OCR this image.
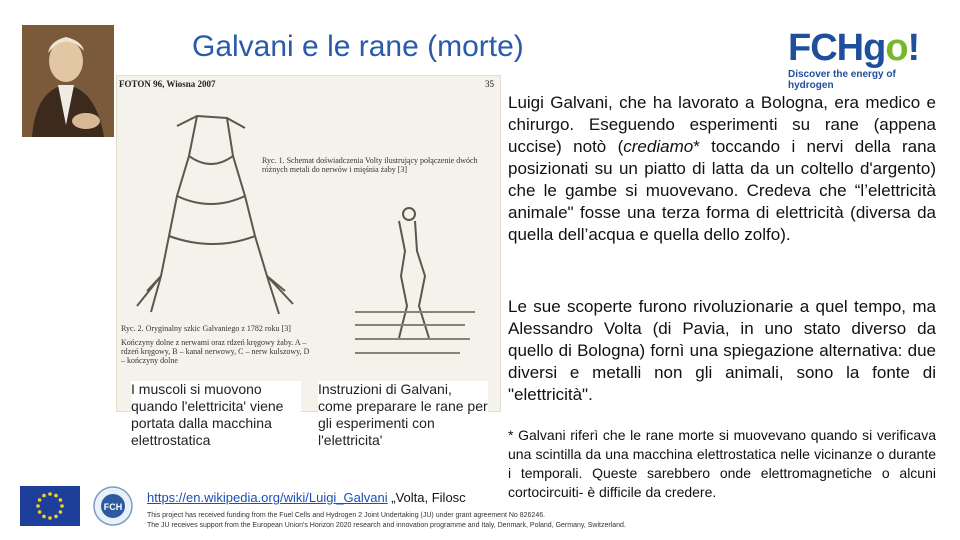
Galvani e le rane (morte)	FCHgo!
Discover the energy of hydrogen
FOTON 96, Wiosna 2007	35
Ryc. 1. Schemat doświadczenia Volty ilustrujący połączenie dwóch różnych metali do nerwów i mięśnia żaby [3]
Ryc. 2. Oryginalny szkic Galvaniego z 1782 roku [3]
Kończyny dolne z nerwami oraz rdzeń kręgowy żaby. A – rdzeń kręgowy, B – kanał nerwowy, C – nerw kulszowy, D – kończyny dolne
I muscoli si muovono quando l'elettricita' viene portata dalla macchina elettrostatica
Instruzioni di Galvani, come preparare le rane per gli esperimenti con l'elettricita'
Luigi Galvani, che ha lavorato a Bologna, era medico e chirurgo. Eseguendo esperimenti su rane (appena uccise) notò (crediamo* toccando i nervi della rana posizionati su un piatto di latta da un coltello d'argento) che le gambe si muovevano. Credeva che “l’elettricità animale" fosse una terza forma di elettricità (diversa da quella dell’acqua e quella dello zolfo).
Le sue scoperte furono rivoluzionarie a quel tempo, ma Alessandro Volta (di Pavia, in uno stato diverso da quello di Bologna) fornì una spiegazione alternativa: due diversi e metalli non gli animali, sono la fonte di "elettricità".
* Galvani riferì che le rane morte si muovevano quando si verificava una scintilla da una macchina elettrostatica nelle vicinanze o durante i temporali. Queste sarebbero onde elettromagnetiche o alcuni cortocircuiti- è difficile da credere.
FCH
https://en.wikipedia.org/wiki/Luigi_Galvani „Volta, Filosc
This project has received funding from the Fuel Cells and Hydrogen 2 Joint Undertaking (JU) under grant agreement No 826246.
The JU receives support from the European Union's Horizon 2020 research and innovation programme and Italy, Denmark, Poland, Germany, Switzerland.
